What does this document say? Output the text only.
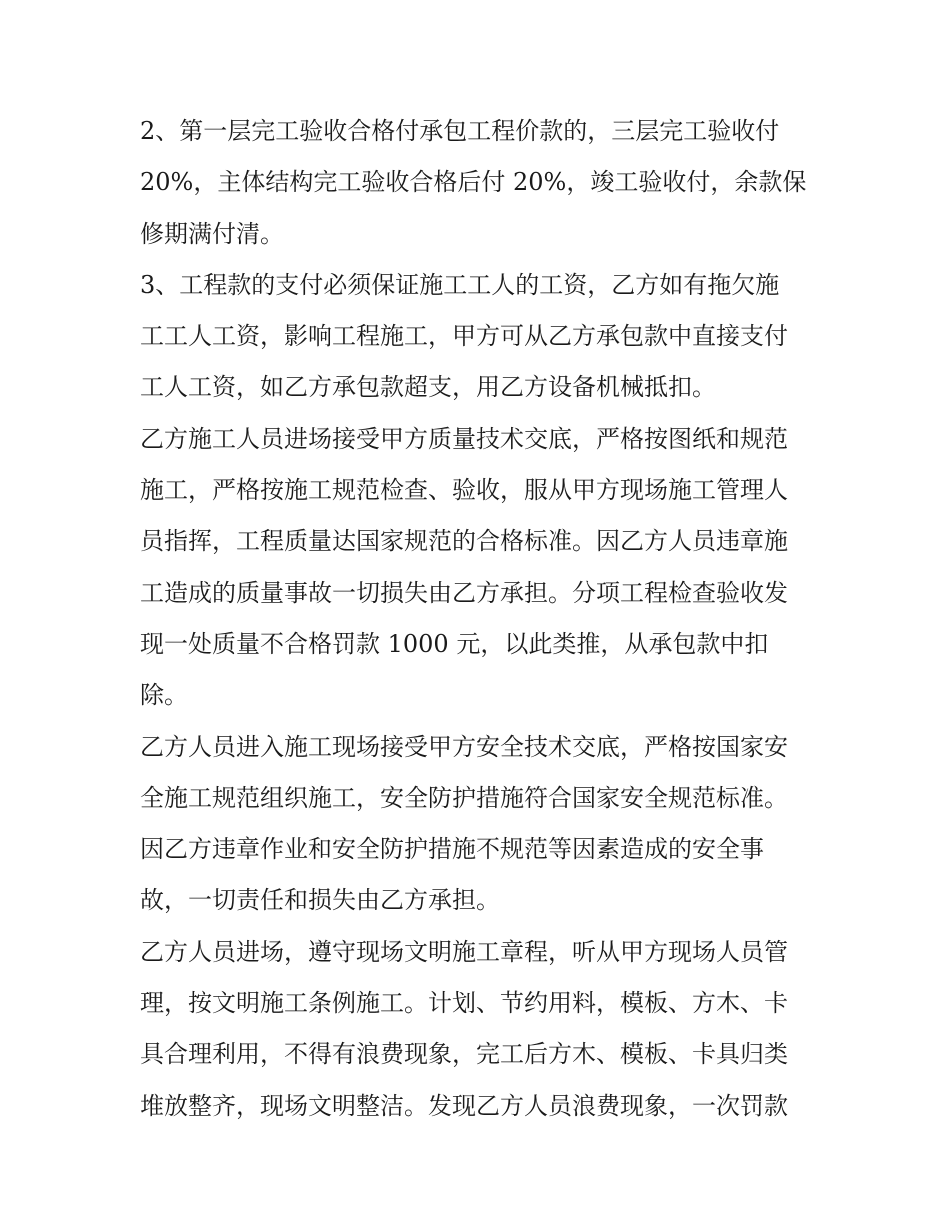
2、第一层完工验收合格付承包工程价款的，三层完工验收付
20%，主体结构完工验收合格后付 20%，竣工验收付，余款保
修期满付清。
3、工程款的支付必须保证施工工人的工资，乙方如有拖欠施
工工人工资，影响工程施工，甲方可从乙方承包款中直接支付
工人工资，如乙方承包款超支，用乙方设备机械抵扣。
乙方施工人员进场接受甲方质量技术交底，严格按图纸和规范
施工，严格按施工规范检查、验收，服从甲方现场施工管理人
员指挥，工程质量达国家规范的合格标准。因乙方人员违章施
工造成的质量事故一切损失由乙方承担。分项工程检查验收发
现一处质量不合格罚款 1000 元，以此类推，从承包款中扣
除。
乙方人员进入施工现场接受甲方安全技术交底，严格按国家安
全施工规范组织施工，安全防护措施符合国家安全规范标准。
因乙方违章作业和安全防护措施不规范等因素造成的安全事
故，一切责任和损失由乙方承担。
乙方人员进场，遵守现场文明施工章程，听从甲方现场人员管
理，按文明施工条例施工。计划、节约用料，模板、方木、卡
具合理利用，不得有浪费现象，完工后方木、模板、卡具归类
堆放整齐，现场文明整洁。发现乙方人员浪费现象，一次罚款
